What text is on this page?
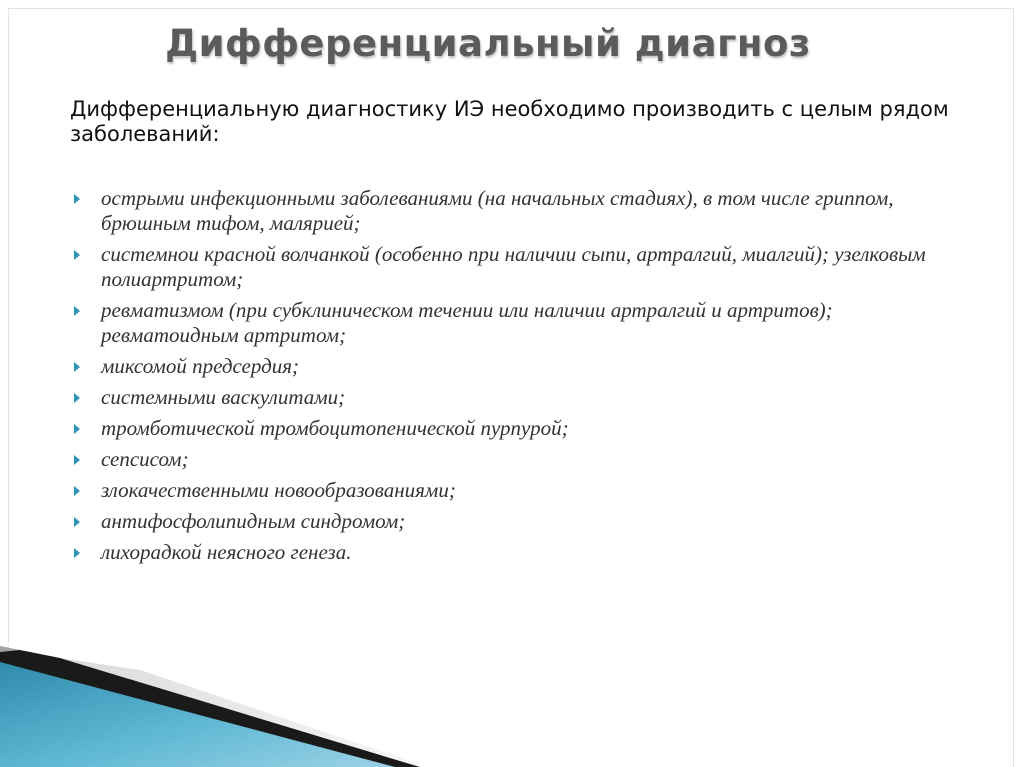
Дифференциальный диагноз

Дифференциальную диагностику ИЭ необходимо производить с целым рядом заболеваний:

острыми инфекционными заболеваниями (на начальных стадиях), в том числе гриппом, брюшным тифом, малярией;
системнои красной волчанкой (особенно при наличии сыпи, артралгий, миалгий); узелковым полиартритом;
ревматизмом (при субклиническом течении или наличии артралгий и артритов); ревматоидным артритом;
миксомой предсердия;
системными васкулитами;
тромботической тромбоцитопенической пурпурой;
сепсисом;
злокачественными новообразованиями;
антифосфолипидным синдромом;
лихорадкой неясного генеза.
